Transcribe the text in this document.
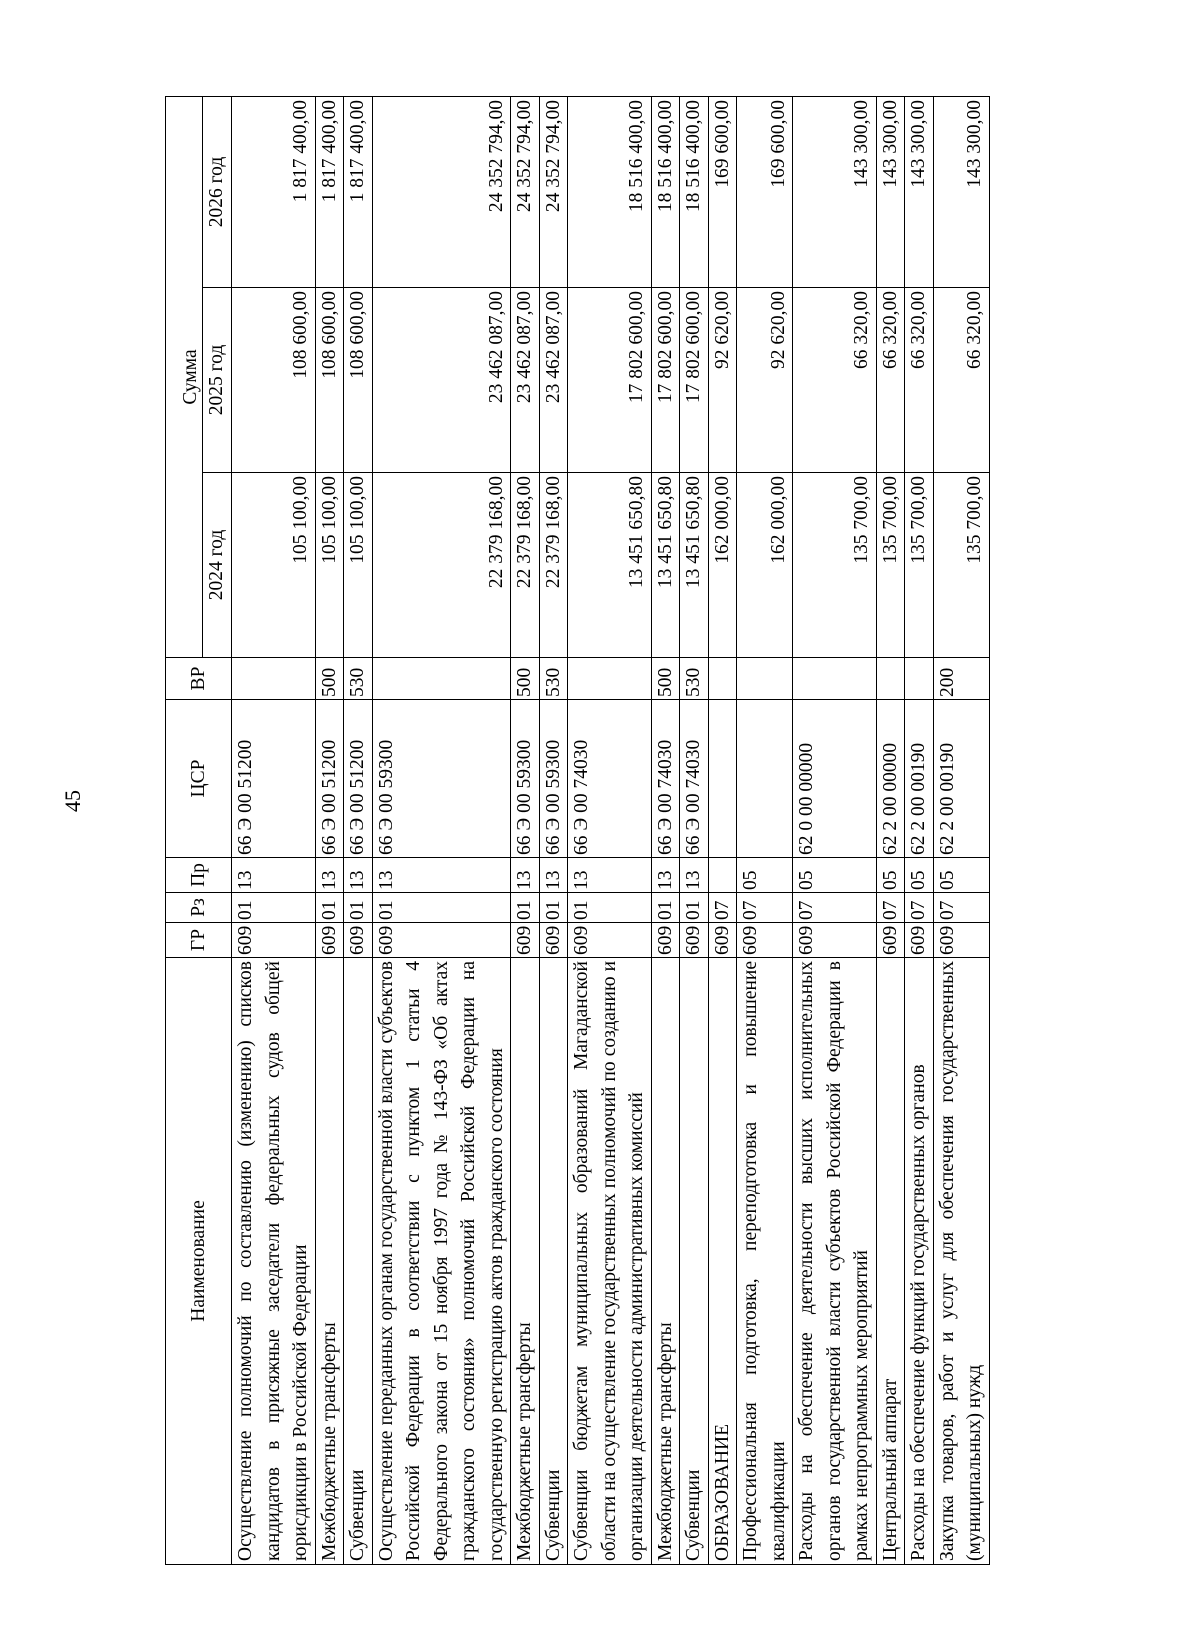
45
Наименование	ГР	Рз	Пр	ЦСР	ВР	Сумма		
						2024 год	2025 год	2026 год
Осуществление полномочий по составлению (изменению) списков кандидатов в присяжные заседатели федеральных судов общей юрисдикции в Российской Федерации	609	01	13	66 Э 00 51200		105 100,00	108 600,00	1 817 400,00
Межбюджетные трансферты	609	01	13	66 Э 00 51200	500	105 100,00	108 600,00	1 817 400,00
Субвенции	609	01	13	66 Э 00 51200	530	105 100,00	108 600,00	1 817 400,00
Осуществление переданных органам государственной власти субъектов Российской Федерации в соответствии с пунктом 1 статьи 4 Федерального закона от 15 ноября 1997 года № 143-ФЗ «Об актах гражданского состояния» полномочий Российской Федерации на государственную регистрацию актов гражданского состояния	609	01	13	66 Э 00 59300		22 379 168,00	23 462 087,00	24 352 794,00
Межбюджетные трансферты	609	01	13	66 Э 00 59300	500	22 379 168,00	23 462 087,00	24 352 794,00
Субвенции	609	01	13	66 Э 00 59300	530	22 379 168,00	23 462 087,00	24 352 794,00
Субвенции бюджетам муниципальных образований Магаданской области на осуществление государственных полномочий по созданию и организации деятельности административных комиссий	609	01	13	66 Э 00 74030		13 451 650,80	17 802 600,00	18 516 400,00
Межбюджетные трансферты	609	01	13	66 Э 00 74030	500	13 451 650,80	17 802 600,00	18 516 400,00
Субвенции	609	01	13	66 Э 00 74030	530	13 451 650,80	17 802 600,00	18 516 400,00
ОБРАЗОВАНИЕ	609	07				162 000,00	92 620,00	169 600,00
Профессиональная подготовка, переподготовка и повышение квалификации	609	07	05			162 000,00	92 620,00	169 600,00
Расходы на обеспечение деятельности высших исполнительных органов государственной власти субъектов Российской Федерации в рамках непрограммных мероприятий	609	07	05	62 0 00 00000		135 700,00	66 320,00	143 300,00
Центральный аппарат	609	07	05	62 2 00 00000		135 700,00	66 320,00	143 300,00
Расходы на обеспечение функций государственных органов	609	07	05	62 2 00 00190		135 700,00	66 320,00	143 300,00
Закупка товаров, работ и услуг для обеспечения государственных (муниципальных) нужд	609	07	05	62 2 00 00190	200	135 700,00	66 320,00	143 300,00
